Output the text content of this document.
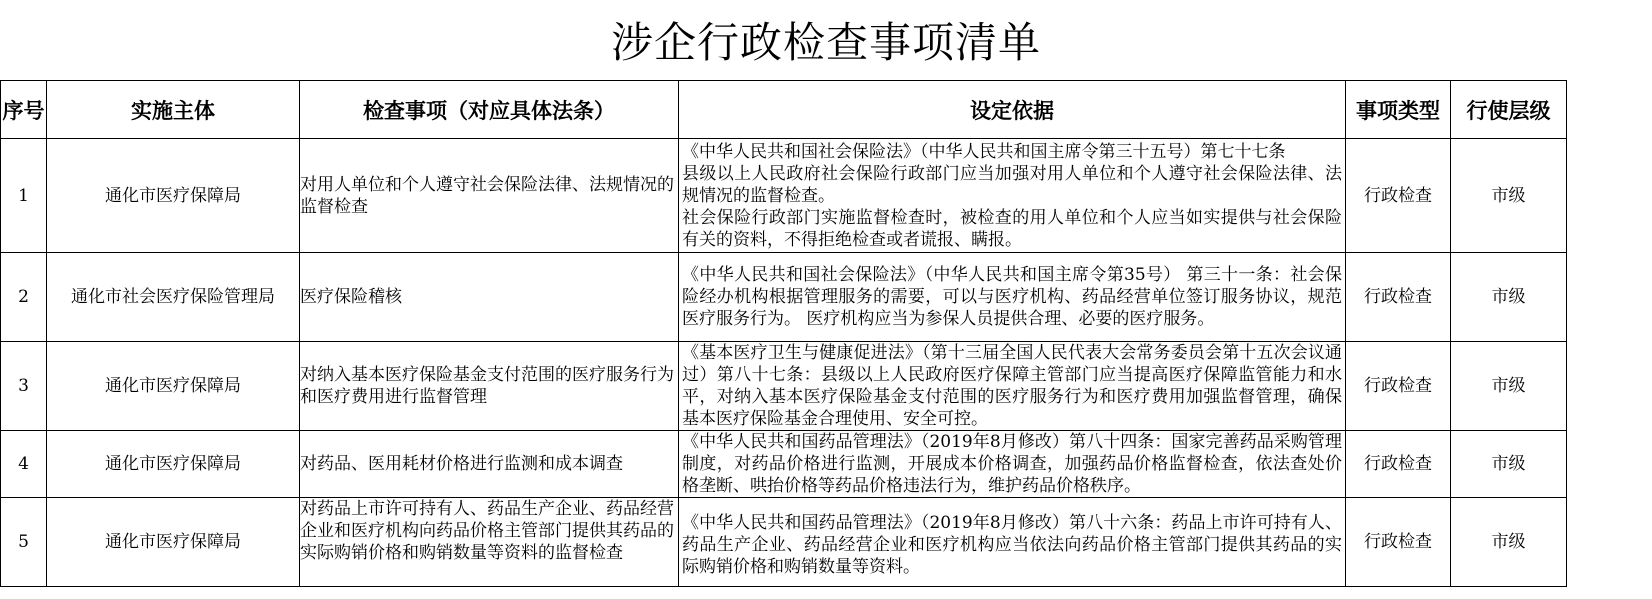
涉企行政检查事项清单
序号	实施主体	检查事项（对应具体法条）	设定依据	事项类型	行使层级
1	通化市医疗保障局	对用人单位和个人遵守社会保险法律、法规情况的监督检查	《中华人民共和国社会保险法》（中华人民共和国主席令第三十五号）第七十七条
县级以上人民政府社会保险行政部门应当加强对用人单位和个人遵守社会保险法律、法规情况的监督检查。
社会保险行政部门实施监督检查时，被检查的用人单位和个人应当如实提供与社会保险有关的资料，不得拒绝检查或者谎报、瞒报。	行政检查	市级
2	通化市社会医疗保险管理局	医疗保险稽核	《中华人民共和国社会保险法》（中华人民共和国主席令第35号） 第三十一条：社会保险经办机构根据管理服务的需要，可以与医疗机构、药品经营单位签订服务协议，规范医疗服务行为。 医疗机构应当为参保人员提供合理、必要的医疗服务。	行政检查	市级
3	通化市医疗保障局	对纳入基本医疗保险基金支付范围的医疗服务行为和医疗费用进行监督管理	《基本医疗卫生与健康促进法》（第十三届全国人民代表大会常务委员会第十五次会议通过）第八十七条：县级以上人民政府医疗保障主管部门应当提高医疗保障监管能力和水平，对纳入基本医疗保险基金支付范围的医疗服务行为和医疗费用加强监督管理，确保基本医疗保险基金合理使用、安全可控。	行政检查	市级
4	通化市医疗保障局	对药品、医用耗材价格进行监测和成本调查	《中华人民共和国药品管理法》（2019年8月修改）第八十四条：国家完善药品采购管理制度，对药品价格进行监测，开展成本价格调查，加强药品价格监督检查，依法查处价格垄断、哄抬价格等药品价格违法行为，维护药品价格秩序。	行政检查	市级
5	通化市医疗保障局	对药品上市许可持有人、药品生产企业、药品经营企业和医疗机构向药品价格主管部门提供其药品的实际购销价格和购销数量等资料的监督检查	《中华人民共和国药品管理法》（2019年8月修改）第八十六条：药品上市许可持有人、药品生产企业、药品经营企业和医疗机构应当依法向药品价格主管部门提供其药品的实际购销价格和购销数量等资料。	行政检查	市级
